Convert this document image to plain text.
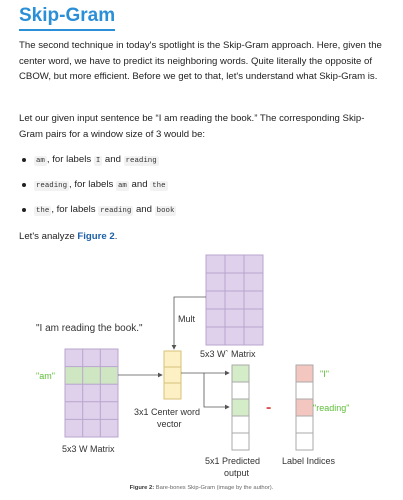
Skip-Gram
The second technique in today's spotlight is the Skip-Gram approach. Here, given the center word, we have to predict its neighboring words. Quite literally the opposite of CBOW, but more efficient. Before we get to that, let's understand what Skip-Gram is.
Let our given input sentence be “I am reading the book.” The corresponding Skip-Gram pairs for a window size of 3 would be:
am , for labels I and reading
reading , for labels am and the
the , for labels reading and book
Let's analyze Figure 2.
5x3 W` Matrix
Mult
"I am reading the book."
"am"
5x3 W Matrix
3x1 Center word
vector
5x1 Predicted
output
-
"I"
"reading"
Label Indices
Figure 2: Bare-bones Skip-Gram (image by the author).
